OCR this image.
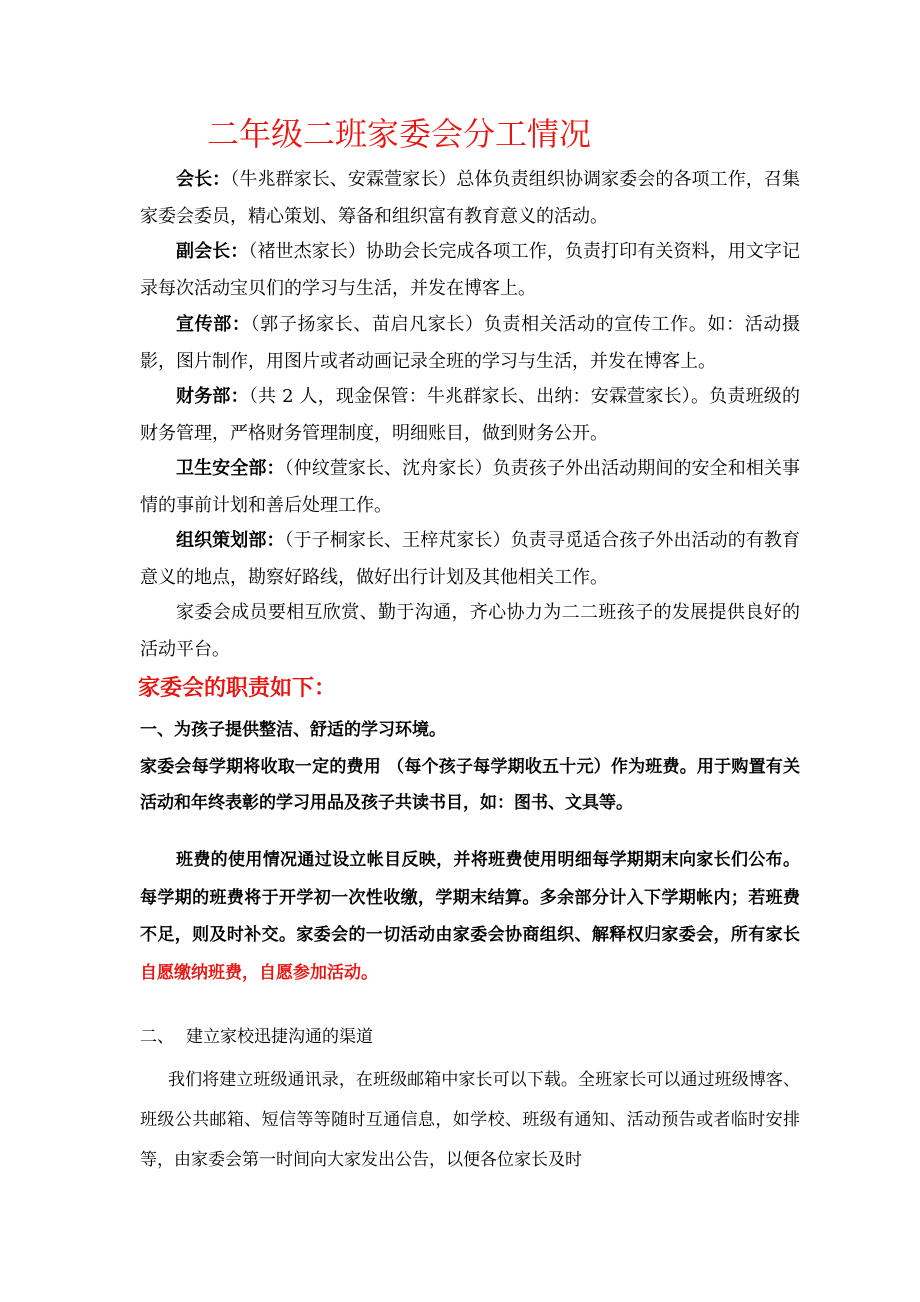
二年级二班家委会分工情况

会长：（牛兆群家长、安霖萱家长）总体负责组织协调家委会的各项工作，召集家委会委员，精心策划、筹备和组织富有教育意义的活动。

副会长：（褚世杰家长）协助会长完成各项工作，负责打印有关资料，用文字记录每次活动宝贝们的学习与生活，并发在博客上。

宣传部：（郭子扬家长、苗启凡家长）负责相关活动的宣传工作。如：活动摄影，图片制作，用图片或者动画记录全班的学习与生活，并发在博客上。

财务部：（共 2 人，现金保管：牛兆群家长、出纳：安霖萱家长）。负责班级的财务管理，严格财务管理制度，明细账目，做到财务公开。

卫生安全部：（仲纹萱家长、沈舟家长）负责孩子外出活动期间的安全和相关事情的事前计划和善后处理工作。

组织策划部：（于子桐家长、王梓芃家长）负责寻觅适合孩子外出活动的有教育意义的地点，勘察好路线，做好出行计划及其他相关工作。

家委会成员要相互欣赏、勤于沟通，齐心协力为二二班孩子的发展提供良好的活动平台。

家委会的职责如下：
一、为孩子提供整洁、舒适的学习环境。
家委会每学期将收取一定的费用 （每个孩子每学期收五十元）作为班费。用于购置有关活动和年终表彰的学习用品及孩子共读书目，如：图书、文具等。
班费的使用情况通过设立帐目反映，并将班费使用明细每学期期末向家长们公布。每学期的班费将于开学初一次性收缴，学期末结算。多余部分计入下学期帐内；若班费不足，则及时补交。家委会的一切活动由家委会协商组织、解释权归家委会，所有家长自愿缴纳班费，自愿参加活动。
二、 建立家校迅捷沟通的渠道
我们将建立班级通讯录，在班级邮箱中家长可以下载。全班家长可以通过班级博客、班级公共邮箱、短信等等随时互通信息，如学校、班级有通知、活动预告或者临时安排等，由家委会第一时间向大家发出公告，以便各位家长及时
